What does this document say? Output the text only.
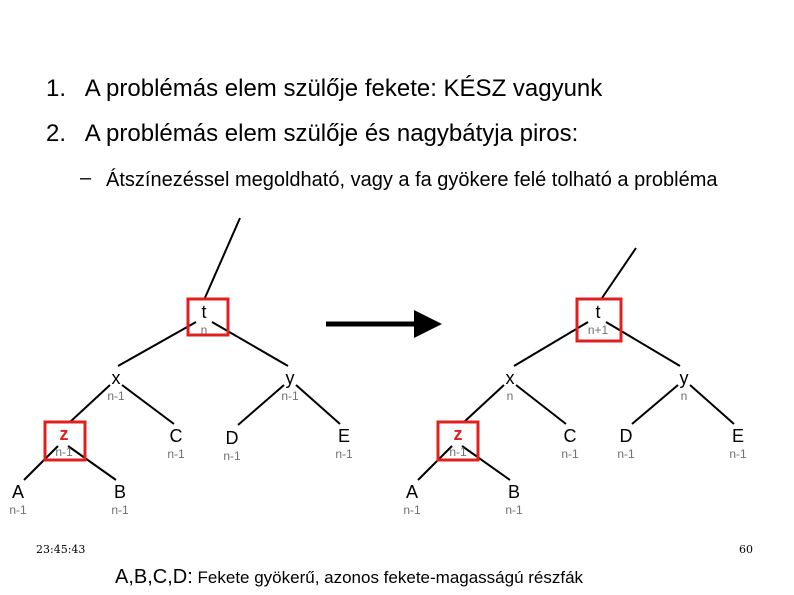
1. A problémás elem szülője fekete: KÉSZ vagyunk
2. A problémás elem szülője és nagybátyja piros:
– Átszínezéssel megoldható, vagy a fa gyökere felé tolható a probléma
t
n
x
n-1
y
n-1
z
n-1
C
n-1
D
n-1
E
n-1
A
n-1
B
n-1
t
n+1
x
n
y
n
z
n-1
C
n-1
D
n-1
E
n-1
A
n-1
B
n-1
23:45:43	60
A,B,C,D: Fekete gyökerű, azonos fekete-magasságú részfák
